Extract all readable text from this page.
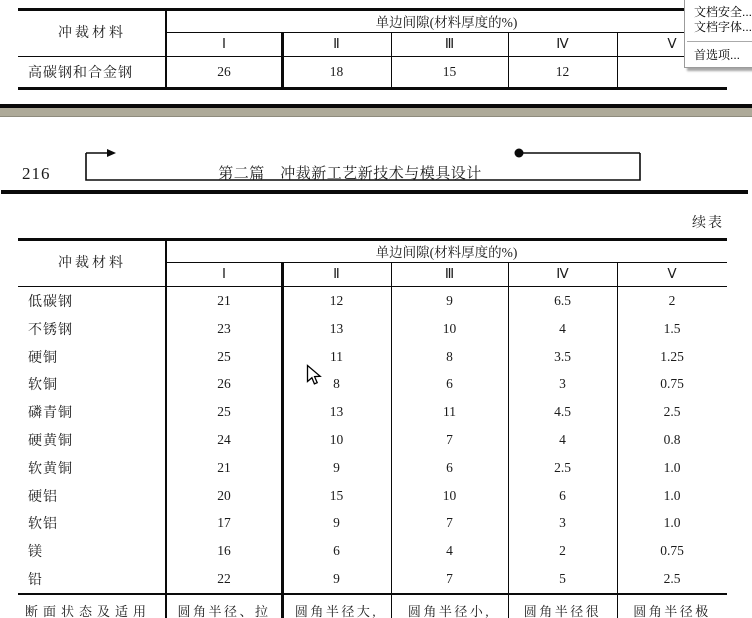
冲裁材料
单边间隙(材料厚度的%)
Ⅰ	Ⅱ	Ⅲ	Ⅳ	Ⅴ
高碳钢和合金钢	26	18	15	12
216	第二篇　冲裁新工艺新技术与模具设计
续表
冲裁材料
单边间隙(材料厚度的%)
Ⅰ	Ⅱ	Ⅲ	Ⅳ	Ⅴ
低碳钢	21	12	9	6.5	2
不锈钢	23	13	10	4	1.5
硬铜	25	11	8	3.5	1.25
软铜	26	8	6	3	0.75
磷青铜	25	13	11	4.5	2.5
硬黄铜	24	10	7	4	0.8
软黄铜	21	9	6	2.5	1.0
硬铝	20	15	10	6	1.0
软铝	17	9	7	3	1.0
镁	16	6	4	2	0.75
铅	22	9	7	5	2.5
断面状态及适用	圆角半径、拉	圆角半径大,	圆角半径小,	圆角半径很	圆角半径极
文档安全...
文档字体...
首选项...
